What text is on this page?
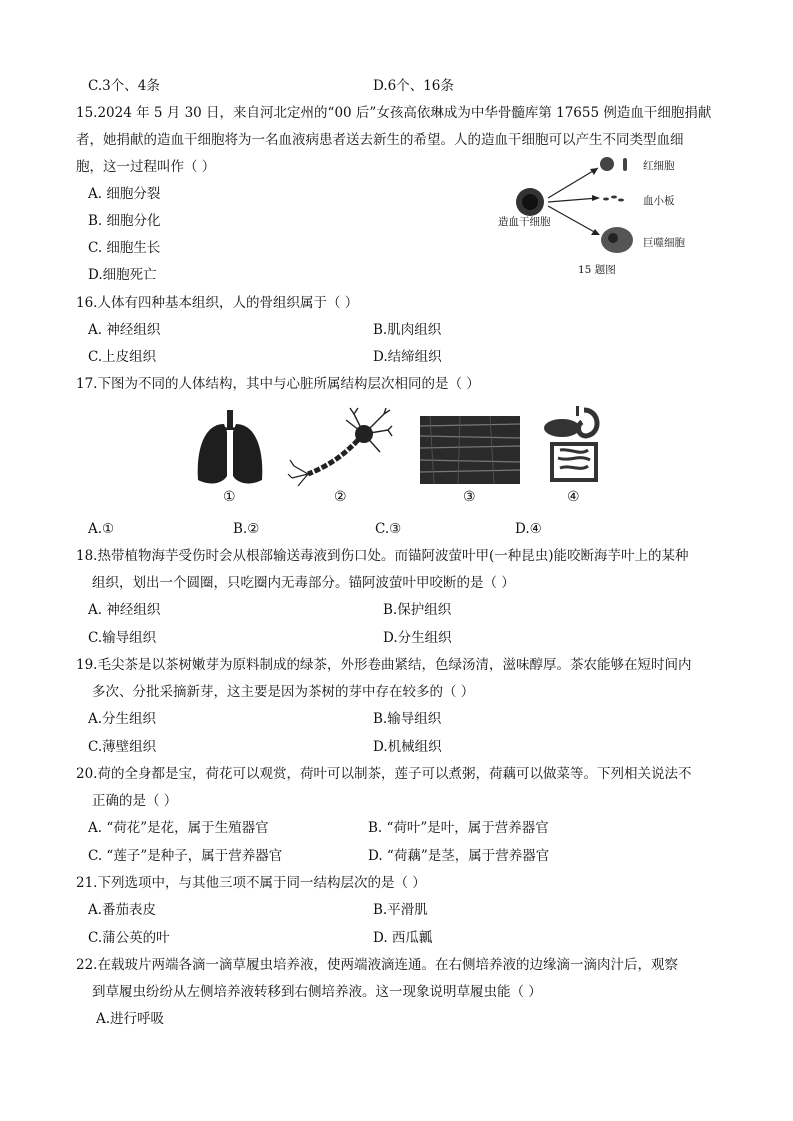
C.3个、4条	D.6个、16条
15.2024 年 5 月 30 日，来自河北定州的“00 后”女孩高依琳成为中华骨髓库第 17655 例造血干细胞捐献
者，她捐献的造血干细胞将为一名血液病患者送去新生的希望。人的造血干细胞可以产生不同类型血细
胞，这一过程叫作（ ）
A. 细胞分裂
B. 细胞分化
C. 细胞生长
D.细胞死亡
造血干细胞
红细胞
血小板
巨噬细胞
15 题图
16.人体有四种基本组织，人的骨组织属于（ ）
A. 神经组织	B.肌肉组织
C.上皮组织	D.结缔组织
17.下图为不同的人体结构，其中与心脏所属结构层次相同的是（ ）
①	②	③	④
A.①	B.②	C.③	D.④
18.热带植物海芋受伤时会从根部输送毒液到伤口处。而锚阿波萤叶甲(一种昆虫)能咬断海芋叶上的某种
组织，划出一个圆圈，只吃圈内无毒部分。锚阿波萤叶甲咬断的是（ ）
A. 神经组织	B.保护组织
C.输导组织	D.分生组织
19.毛尖茶是以茶树嫩芽为原料制成的绿茶，外形卷曲紧结，色绿汤清，滋味醇厚。茶农能够在短时间内
多次、分批采摘新芽，这主要是因为茶树的芽中存在较多的（ ）
A.分生组织	B.输导组织
C.薄壁组织	D.机械组织
20.荷的全身都是宝，荷花可以观赏，荷叶可以制茶，莲子可以煮粥，荷藕可以做菜等。下列相关说法不
正确的是（ ）
A. “荷花”是花，属于生殖器官	B. “荷叶”是叶，属于营养器官
C. “莲子”是种子，属于营养器官	D. “荷藕”是茎，属于营养器官
21.下列选项中，与其他三项不属于同一结构层次的是（ ）
A.番茄表皮	B.平滑肌
C.蒲公英的叶	D. 西瓜瓤
22.在载玻片两端各滴一滴草履虫培养液，使两端液滴连通。在右侧培养液的边缘滴一滴肉汁后，观察
到草履虫纷纷从左侧培养液转移到右侧培养液。这一现象说明草履虫能（ ）
A.进行呼吸
